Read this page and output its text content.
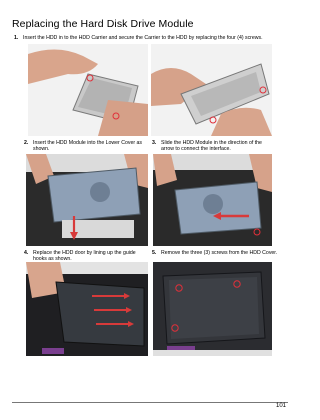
Replacing the Hard Disk Drive Module
1. Insert the HDD in to the HDD Carrier and secure the Carrier to the HDD by replacing the four (4) screws.
2. Insert the HDD Module into the Lower Cover as shown.
3. Slide the HDD Module in the direction of the arrow to connect the interface.
4. Replace the HDD door by lining up the guide hooks as shown.
5. Remove the three (3) screws from the HDD Cover.
101
